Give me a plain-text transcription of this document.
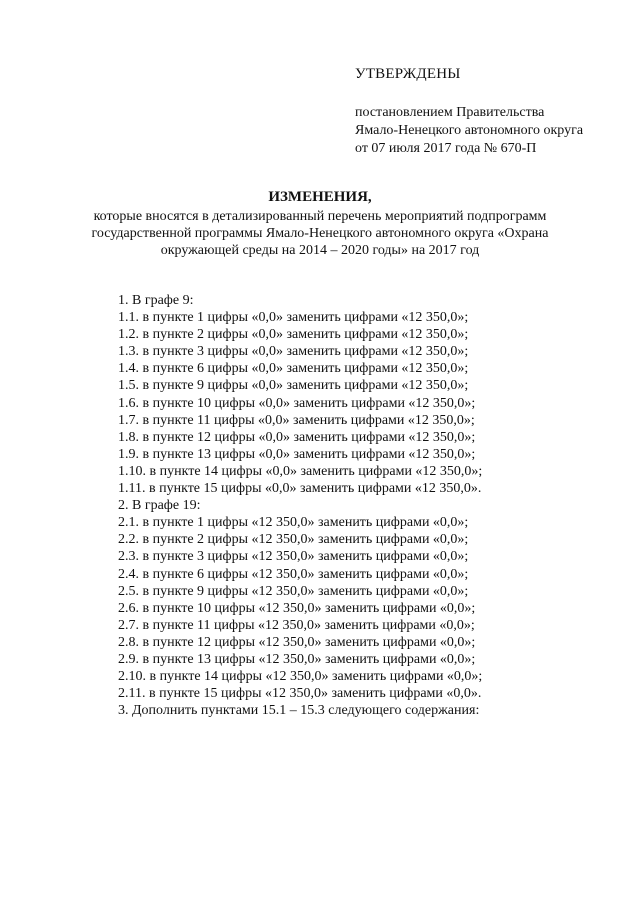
УТВЕРЖДЕНЫ
постановлением Правительства
Ямало-Ненецкого автономного округа
от 07 июля 2017 года № 670-П
ИЗМЕНЕНИЯ,
которые вносятся в детализированный перечень мероприятий подпрограмм
государственной программы Ямало-Ненецкого автономного округа «Охрана
окружающей среды на 2014 – 2020 годы» на 2017 год
1. В графе 9:
1.1. в пункте 1 цифры «0,0» заменить цифрами «12 350,0»;
1.2. в пункте 2 цифры «0,0» заменить цифрами «12 350,0»;
1.3. в пункте 3 цифры «0,0» заменить цифрами «12 350,0»;
1.4. в пункте 6 цифры «0,0» заменить цифрами «12 350,0»;
1.5. в пункте 9 цифры «0,0» заменить цифрами «12 350,0»;
1.6. в пункте 10 цифры «0,0» заменить цифрами «12 350,0»;
1.7. в пункте 11 цифры «0,0» заменить цифрами «12 350,0»;
1.8. в пункте 12 цифры «0,0» заменить цифрами «12 350,0»;
1.9. в пункте 13 цифры «0,0» заменить цифрами «12 350,0»;
1.10. в пункте 14 цифры «0,0» заменить цифрами «12 350,0»;
1.11. в пункте 15 цифры «0,0» заменить цифрами «12 350,0».
2. В графе 19:
2.1. в пункте 1 цифры «12 350,0» заменить цифрами «0,0»;
2.2. в пункте 2 цифры «12 350,0» заменить цифрами «0,0»;
2.3. в пункте 3 цифры «12 350,0» заменить цифрами «0,0»;
2.4. в пункте 6 цифры «12 350,0» заменить цифрами «0,0»;
2.5. в пункте 9 цифры «12 350,0» заменить цифрами «0,0»;
2.6. в пункте 10 цифры «12 350,0» заменить цифрами «0,0»;
2.7. в пункте 11 цифры «12 350,0» заменить цифрами «0,0»;
2.8. в пункте 12 цифры «12 350,0» заменить цифрами «0,0»;
2.9. в пункте 13 цифры «12 350,0» заменить цифрами «0,0»;
2.10. в пункте 14 цифры «12 350,0» заменить цифрами «0,0»;
2.11. в пункте 15 цифры «12 350,0» заменить цифрами «0,0».
3. Дополнить пунктами 15.1 – 15.3 следующего содержания:
